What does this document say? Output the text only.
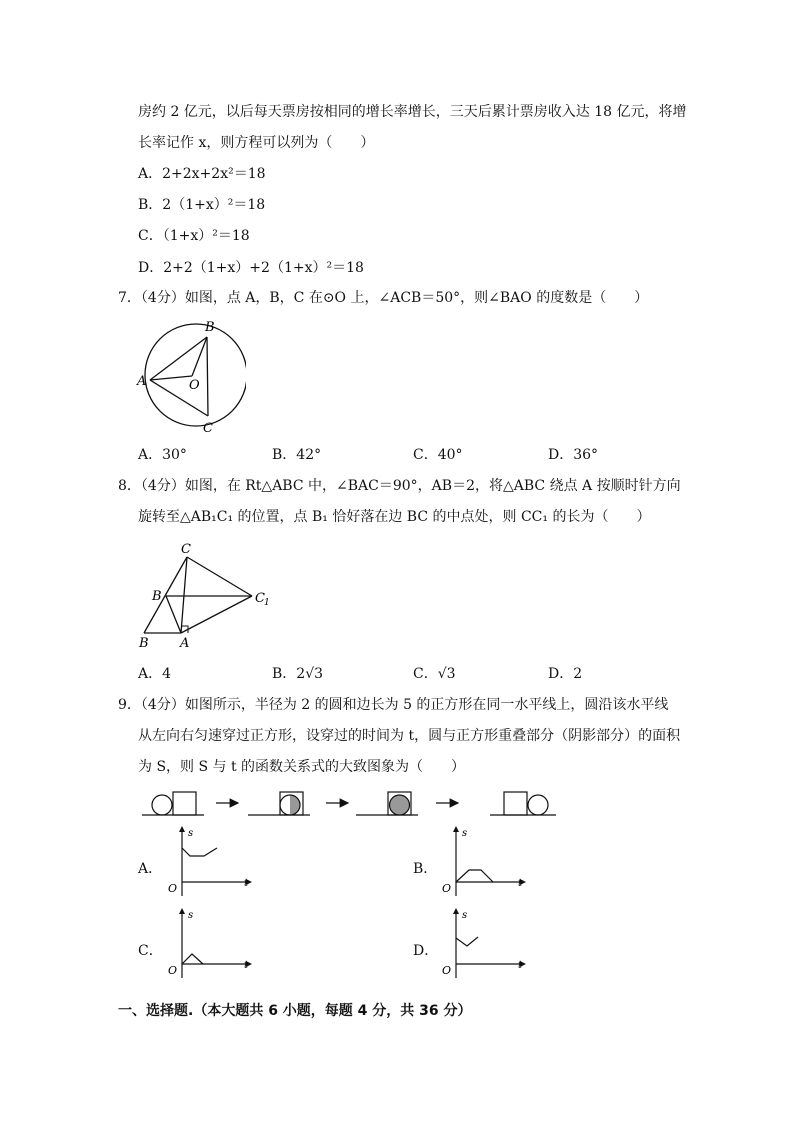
房约 2 亿元，以后每天票房按相同的增长率增长，三天后累计票房收入达 18 亿元，将增
长率记作 x，则方程可以列为（　　）
A．2+2x+2x²＝18
B．2（1+x）²＝18
C．（1+x）²＝18
D．2+2（1+x）+2（1+x）²＝18
7．（4分）如图，点 A，B，C 在⊙O 上，∠ACB＝50°，则∠BAO 的度数是（　　）
B
A	O
C
A．30°	B．42°	C．40°	D．36°
8．（4分）如图，在 Rt△ABC 中，∠BAC＝90°，AB＝2，将△ABC 绕点 A 按顺时针方向
旋转至△AB₁C₁ 的位置，点 B₁ 恰好落在边 BC 的中点处，则 CC₁ 的长为（　　）
C
B	C 1
B A
A．4	B．2√3	C．√3	D．2
9．（4分）如图所示，半径为 2 的圆和边长为 5 的正方形在同一水平线上，圆沿该水平线
从左向右匀速穿过正方形，设穿过的时间为 t，圆与正方形重叠部分（阴影部分）的面积
为 S，则 S 与 t 的函数关系式的大致图象为（　　）
A．
s
t
O
B．
s
t
O
C．
s
t
O
D．
s
t
O
一、选择题.（本大题共 6 小题，每题 4 分，共 36 分）
